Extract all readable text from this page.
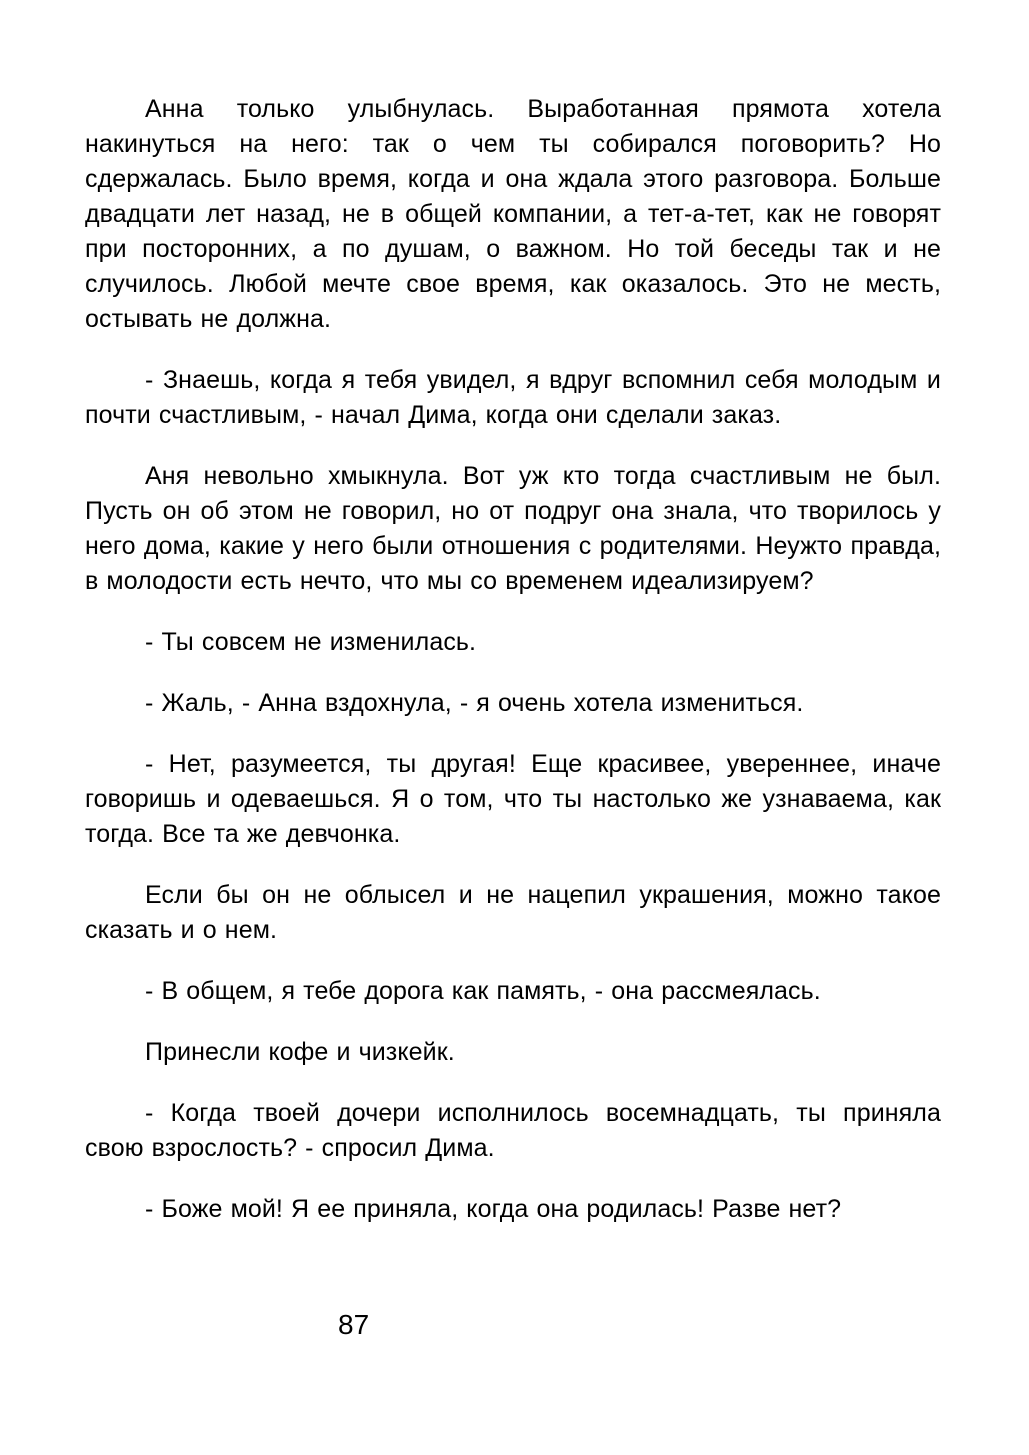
Анна только улыбнулась. Выработанная прямота хотела накинуться на него: так о чем ты собирался поговорить? Но сдержалась. Было время, когда и она ждала этого разговора. Больше двадцати лет назад, не в общей компании, а тет-а-тет, как не говорят при посторонних, а по душам, о важном. Но той беседы так и не случилось. Любой мечте свое время, как оказалось. Это не месть, остывать не должна.

- Знаешь, когда я тебя увидел, я вдруг вспомнил себя молодым и почти счастливым, - начал Дима, когда они сделали заказ.

Аня невольно хмыкнула. Вот уж кто тогда счастливым не был. Пусть он об этом не говорил, но от подруг она знала, что творилось у него дома, какие у него были отношения с родителями. Неужто правда, в молодости есть нечто, что мы со временем идеализируем?

- Ты совсем не изменилась.

- Жаль, - Анна вздохнула, - я очень хотела измениться.

- Нет, разумеется, ты другая! Еще красивее, увереннее, иначе говоришь и одеваешься. Я о том, что ты настолько же узнаваема, как тогда. Все та же девчонка.

Если бы он не облысел и не нацепил украшения, можно такое сказать и о нем.

- В общем, я тебе дорога как память, - она рассмеялась.

Принесли кофе и чизкейк.

- Когда твоей дочери исполнилось восемнадцать, ты приняла свою взрослость? - спросил Дима.

- Боже мой! Я ее приняла, когда она родилась! Разве нет?

87
